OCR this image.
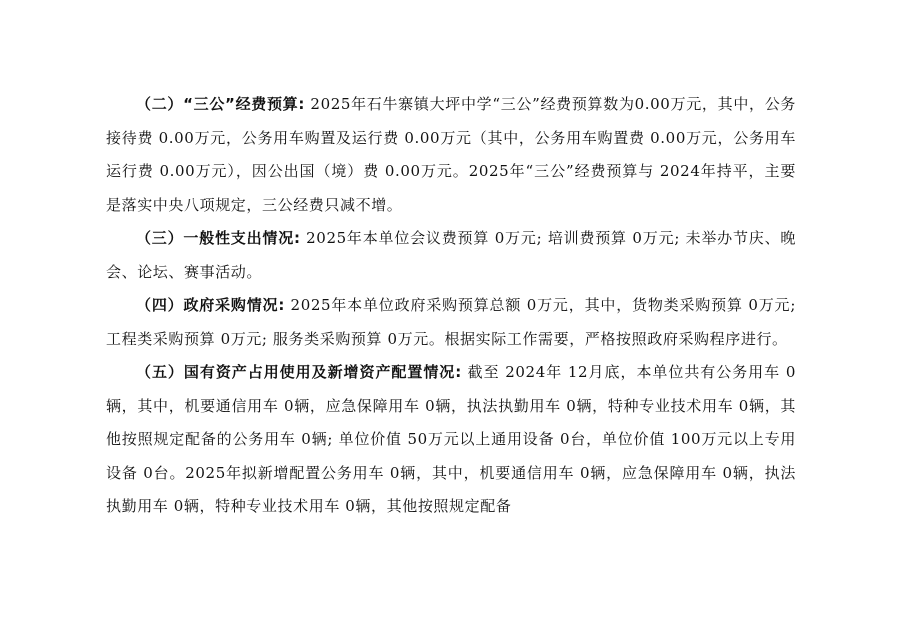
（二）“三公”经费预算: 2025年石牛寨镇大坪中学“三公”经费预算数为0.00万元，其中，公务接待费 0.00万元，公务用车购置及运行费 0.00万元（其中，公务用车购置费 0.00万元，公务用车运行费 0.00万元），因公出国（境）费 0.00万元。2025年“三公”经费预算与 2024年持平，主要是落实中央八项规定，三公经费只减不增。

（三）一般性支出情况: 2025年本单位会议费预算 0万元; 培训费预算 0万元; 未举办节庆、晚会、论坛、赛事活动。

（四）政府采购情况: 2025年本单位政府采购预算总额 0万元，其中，货物类采购预算 0万元; 工程类采购预算 0万元; 服务类采购预算 0万元。根据实际工作需要，严格按照政府采购程序进行。

（五）国有资产占用使用及新增资产配置情况: 截至 2024年 12月底，本单位共有公务用车 0辆，其中，机要通信用车 0辆，应急保障用车 0辆，执法执勤用车 0辆，特种专业技术用车 0辆，其他按照规定配备的公务用车 0辆; 单位价值 50万元以上通用设备 0台，单位价值 100万元以上专用设备 0台。2025年拟新增配置公务用车 0辆，其中，机要通信用车 0辆，应急保障用车 0辆，执法执勤用车 0辆，特种专业技术用车 0辆，其他按照规定配备
